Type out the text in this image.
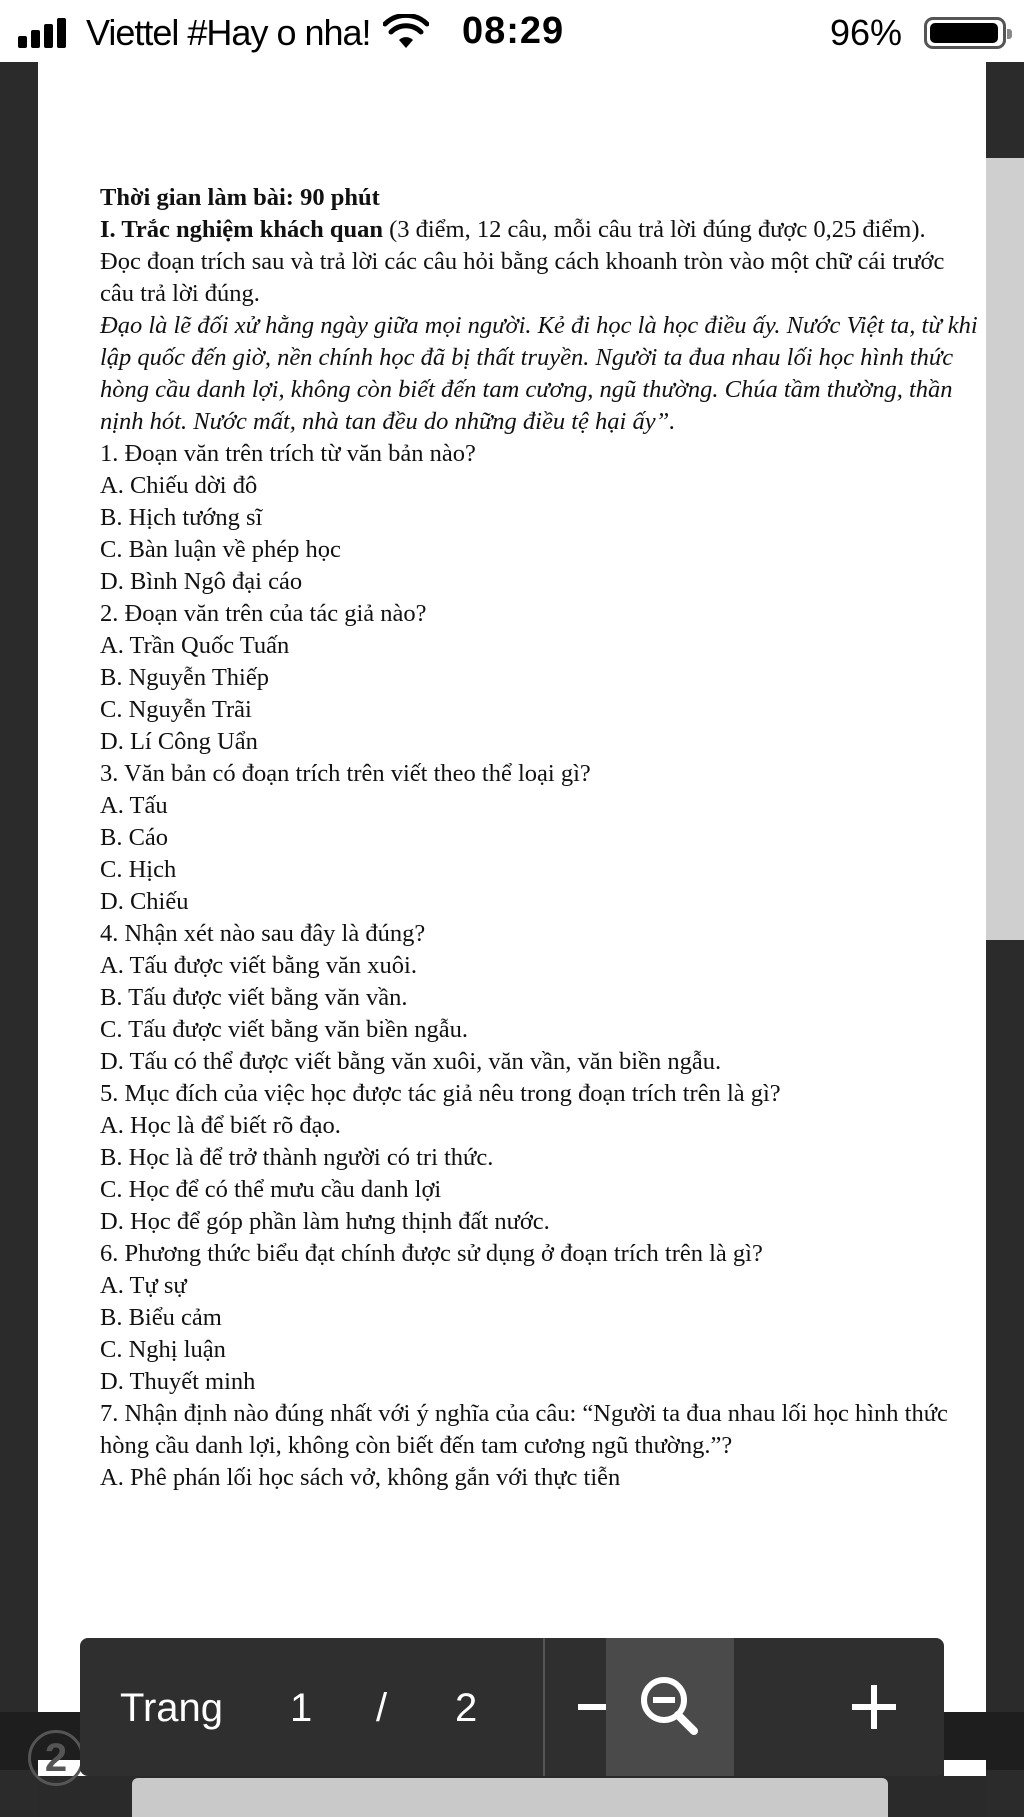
Viettel #Hay o nha! 08:29	96%

Thời gian làm bài: 90 phút

I. Trắc nghiệm khách quan (3 điểm, 12 câu, mỗi câu trả lời đúng được 0,25 điểm).

Đọc đoạn trích sau và trả lời các câu hỏi bằng cách khoanh tròn vào một chữ cái trước câu trả lời đúng.

Đạo là lẽ đối xử hằng ngày giữa mọi người. Kẻ đi học là học điều ấy. Nước Việt ta, từ khi lập quốc đến giờ, nền chính học đã bị thất truyền. Người ta đua nhau lối học hình thức hòng cầu danh lợi, không còn biết đến tam cương, ngũ thường. Chúa tầm thường, thần nịnh hót. Nước mất, nhà tan đều do những điều tệ hại ấy”.

1. Đoạn văn trên trích từ văn bản nào?

A. Chiếu dời đô

B. Hịch tướng sĩ

C. Bàn luận về phép học

D. Bình Ngô đại cáo

2. Đoạn văn trên của tác giả nào?

A. Trần Quốc Tuấn

B. Nguyễn Thiếp

C. Nguyễn Trãi

D. Lí Công Uẩn

3. Văn bản có đoạn trích trên viết theo thể loại gì?

A. Tấu

B. Cáo

C. Hịch

D. Chiếu

4. Nhận xét nào sau đây là đúng?

A. Tấu được viết bằng văn xuôi.

B. Tấu được viết bằng văn vần.

C. Tấu được viết bằng văn biền ngẫu.

D. Tấu có thể được viết bằng văn xuôi, văn vần, văn biền ngẫu.

5. Mục đích của việc học được tác giả nêu trong đoạn trích trên là gì?

A. Học là để biết rõ đạo.

B. Học là để trở thành người có tri thức.

C. Học để có thể mưu cầu danh lợi

D. Học để góp phần làm hưng thịnh đất nước.

6. Phương thức biểu đạt chính được sử dụng ở đoạn trích trên là gì?

A. Tự sự

B. Biểu cảm

C. Nghị luận

D. Thuyết minh

7. Nhận định nào đúng nhất với ý nghĩa của câu: “Người ta đua nhau lối học hình thức hòng cầu danh lợi, không còn biết đến tam cương ngũ thường.”?

A. Phê phán lối học sách vở, không gắn với thực tiễn

2
Trang 1 / 2
